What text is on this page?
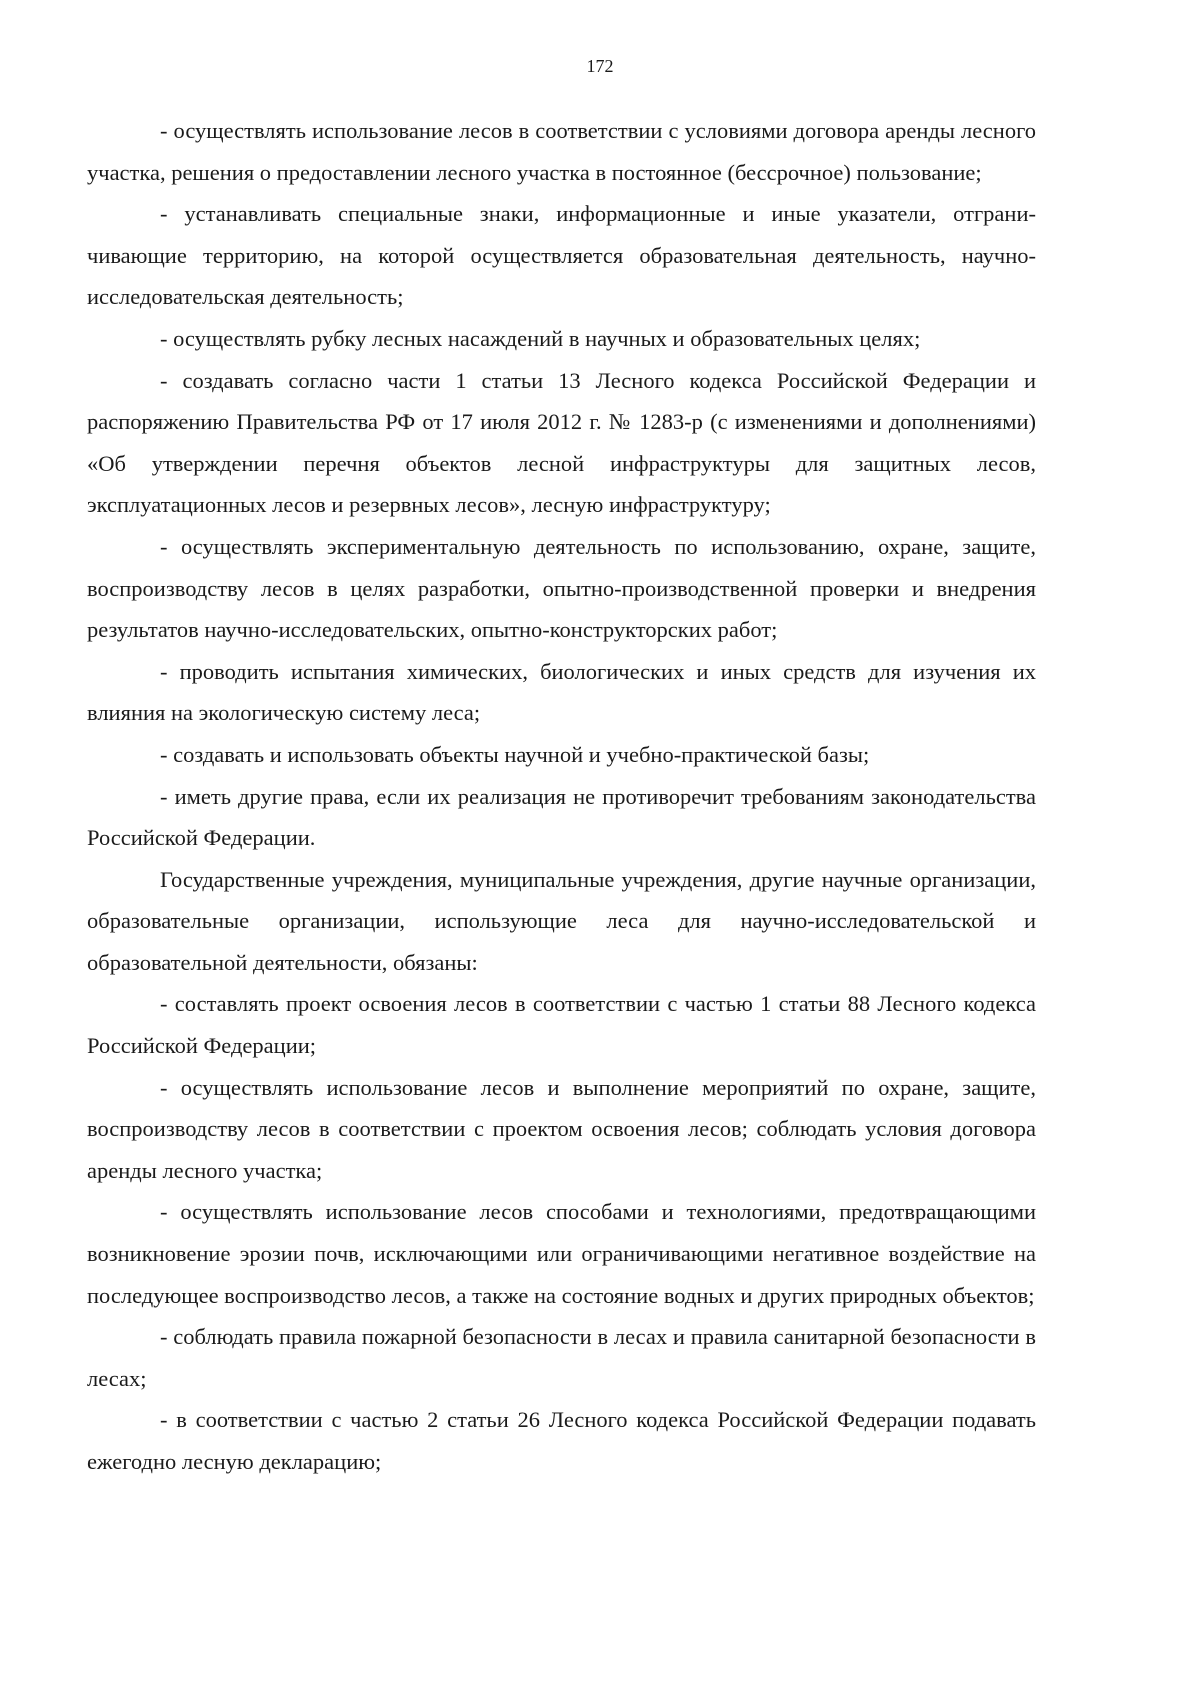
172

- осуществлять использование лесов в соответствии с условиями договора аренды лесного участка, решения о предоставлении лесного участка в постоянное (бессрочное) пользование;

- устанавливать специальные знаки, информационные и иные указатели, отграничивающие территорию, на которой осуществляется образовательная деятельность, научно-исследовательская деятельность;

- осуществлять рубку лесных насаждений в научных и образовательных целях;

- создавать согласно части 1 статьи 13 Лесного кодекса Российской Федерации и распоряжению Правительства РФ от 17 июля 2012 г. № 1283-р (с изменениями и дополнениями) «Об утверждении перечня объектов лесной инфраструктуры для защитных лесов, эксплуатационных лесов и резервных лесов», лесную инфраструктуру;

- осуществлять экспериментальную деятельность по использованию, охране, защите, воспроизводству лесов в целях разработки, опытно-производственной проверки и внедрения результатов научно-исследовательских, опытно-конструкторских работ;

- проводить испытания химических, биологических и иных средств для изучения их влияния на экологическую систему леса;

- создавать и использовать объекты научной и учебно-практической базы;

- иметь другие права, если их реализация не противоречит требованиям законодательства Российской Федерации.

Государственные учреждения, муниципальные учреждения, другие научные организации, образовательные организации, использующие леса для научно-исследовательской и образовательной деятельности, обязаны:

- составлять проект освоения лесов в соответствии с частью 1 статьи 88 Лесного кодекса Российской Федерации;

- осуществлять использование лесов и выполнение мероприятий по охране, защите, воспроизводству лесов в соответствии с проектом освоения лесов; соблюдать условия договора аренды лесного участка;

- осуществлять использование лесов способами и технологиями, предотвращающими возникновение эрозии почв, исключающими или ограничивающими негативное воздействие на последующее воспроизводство лесов, а также на состояние водных и других природных объектов;

- соблюдать правила пожарной безопасности в лесах и правила санитарной безопасности в лесах;

- в соответствии с частью 2 статьи 26 Лесного кодекса Российской Федерации подавать ежегодно лесную декларацию;
